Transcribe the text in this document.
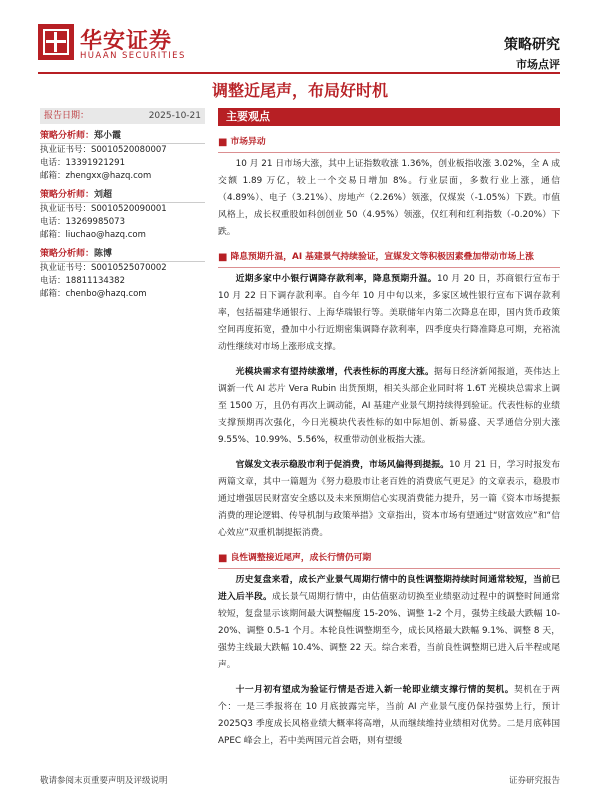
华安证券
HUAAN SECURITIES
策略研究
市场点评
调整近尾声，布局好时机
报告日期：	2025-10-21
策略分析师：郑小霞
执业证书号：S0010520080007
电话：13391921291
邮箱：zhengxx@hazq.com
策略分析师：刘超
执业证书号：S0010520090001
电话：13269985073
邮箱：liuchao@hazq.com
策略分析师：陈博
执业证书号：S0010525070002
电话：18811134382
邮箱：chenbo@hazq.com
主要观点
■ 市场异动

10 月 21 日市场大涨，其中上证指数收涨 1.36%，创业板指收涨 3.02%，全 A 成交额 1.89 万亿，较上一个交易日增加 8%。行业层面，多数行业上涨，通信（4.89%）、电子（3.21%）、房地产（2.26%）领涨，仅煤炭（-1.05%）下跌。市值风格上，成长权重股如科创创业 50（4.95%）领涨，仅红利和红利指数（-0.20%）下跌。

■ 降息预期升温，AI 基建景气持续验证，宣媒发文等积极因素叠加带动市场上涨

近期多家中小银行调降存款利率，降息预期升温。10 月 20 日，苏商银行宣布于 10 月 22 日下调存款利率。自今年 10 月中旬以来，多家区域性银行宣布下调存款利率，包括福建华通银行、上海华瑞银行等。美联储年内第二次降息在即，国内货币政策空间再度拓宽，叠加中小行近期密集调降存款利率，四季度央行降准降息可期，充裕流动性继续对市场上涨形成支撑。

光模块需求有望持续激增，代表性标的再度大涨。据每日经济新闻报道，英伟达上调新一代 AI 芯片 Vera Rubin 出货预期，相关头部企业同时将 1.6T 光模块总需求上调至 1500 万，且仍有再次上调动能，AI 基建产业景气期持续得到验证。代表性标的业绩支撑预期再次强化，今日光模块代表性标的如中际旭创、新易盛、天孚通信分别大涨 9.55%、10.99%、5.56%，权重带动创业板指大涨。

官媒发文表示稳股市利于促消费，市场风偏得到提振。10 月 21 日，学习时报发布两篇文章，其中一篇题为《努力稳股市让老百姓的消费底气更足》的文章表示，稳股市通过增强居民财富安全感以及未来预期信心实现消费能力提升，另一篇《资本市场提振消费的理论逻辑、传导机制与政策举措》文章指出，资本市场有望通过“财富效应”和“信心效应”双重机制提振消费。

■ 良性调整接近尾声，成长行情仍可期

历史复盘来看，成长产业景气周期行情中的良性调整期持续时间通常较短，当前已进入后半段。成长景气周期行情中，由估值驱动切换至业绩驱动过程中的调整时间通常较短，复盘显示该期间最大调整幅度 15-20%、调整 1-2 个月，强势主线最大跌幅 10-20%、调整 0.5-1 个月。本轮良性调整期至今，成长风格最大跌幅 9.1%、调整 8 天，强势主线最大跌幅 10.4%、调整 22 天。综合来看，当前良性调整期已进入后半程或尾声。

十一月初有望成为验证行情是否进入新一轮即业绩支撑行情的契机。契机在于两个：一是三季报将在 10 月底披露完毕，当前 AI 产业景气度仍保持强势上行，预计 2025Q3 季度成长风格业绩大概率将高增，从而继续维持业绩相对优势。二是月底韩国 APEC 峰会上，若中美两国元首会晤，则有望缓

敬请参阅末页重要声明及评级说明	证券研究报告
